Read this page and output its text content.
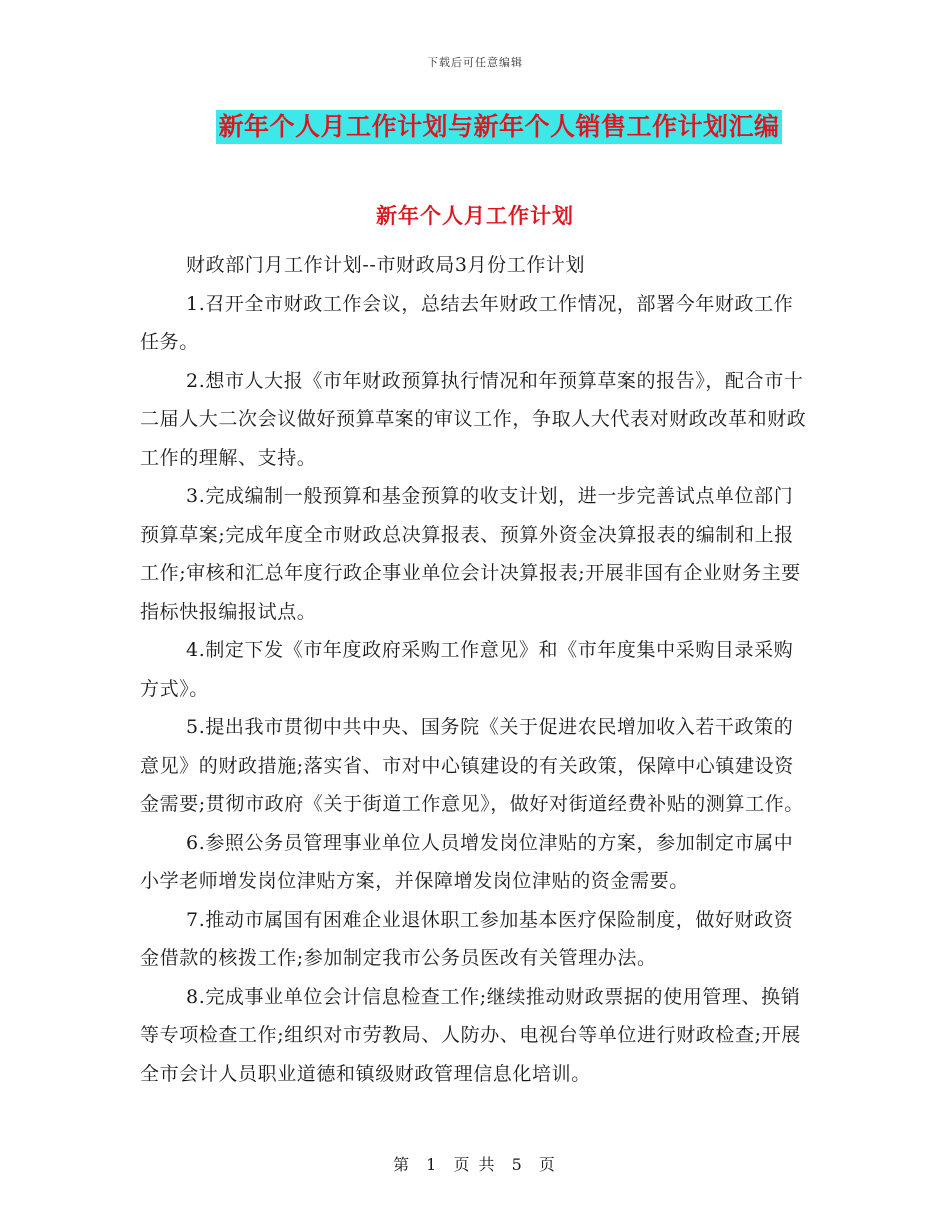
下载后可任意编辑
新年个人月工作计划与新年个人销售工作计划汇编
新年个人月工作计划

财政部门月工作计划--市财政局3月份工作计划

1.召开全市财政工作会议，总结去年财政工作情况，部署今年财政工作任务。

2.想市人大报《市年财政预算执行情况和年预算草案的报告》，配合市十二届人大二次会议做好预算草案的审议工作，争取人大代表对财政改革和财政工作的理解、支持。

3.完成编制一般预算和基金预算的收支计划，进一步完善试点单位部门预算草案;完成年度全市财政总决算报表、预算外资金决算报表的编制和上报工作;审核和汇总年度行政企事业单位会计决算报表;开展非国有企业财务主要指标快报编报试点。

4.制定下发《市年度政府采购工作意见》和《市年度集中采购目录采购方式》。

5.提出我市贯彻中共中央、国务院《关于促进农民增加收入若干政策的意见》的财政措施;落实省、市对中心镇建设的有关政策，保障中心镇建设资金需要;贯彻市政府《关于街道工作意见》，做好对街道经费补贴的测算工作。

6.参照公务员管理事业单位人员增发岗位津贴的方案，参加制定市属中小学老师增发岗位津贴方案，并保障增发岗位津贴的资金需要。

7.推动市属国有困难企业退休职工参加基本医疗保险制度，做好财政资金借款的核拨工作;参加制定我市公务员医改有关管理办法。

8.完成事业单位会计信息检查工作;继续推动财政票据的使用管理、换销等专项检查工作;组织对市劳教局、人防办、电视台等单位进行财政检查;开展全市会计人员职业道德和镇级财政管理信息化培训。

第 1 页 共 5 页
